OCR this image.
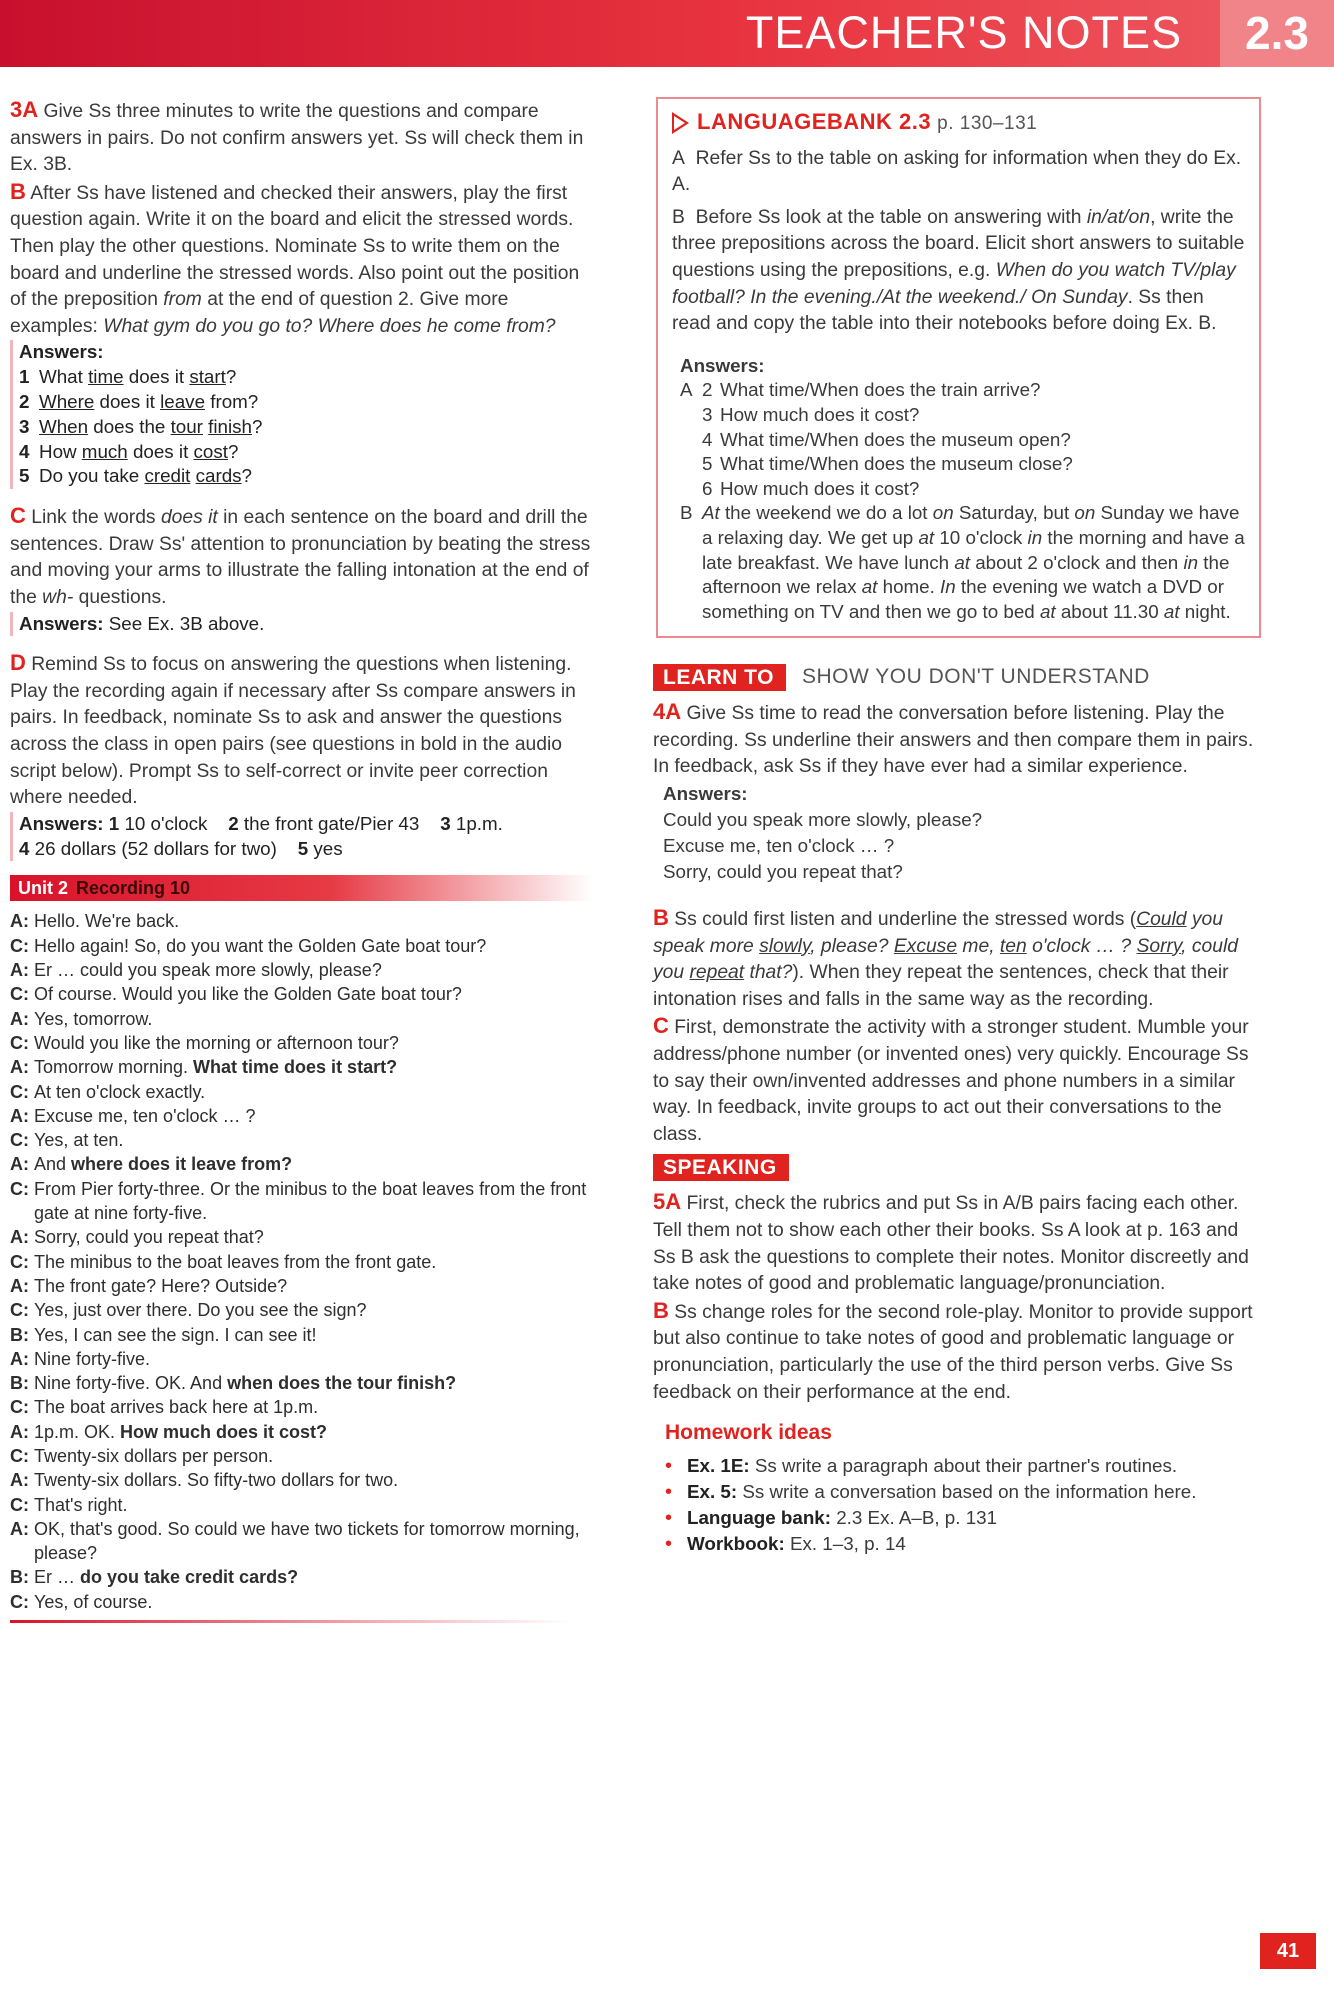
TEACHER'S NOTES	2.3

3A Give Ss three minutes to write the questions and compare answers in pairs. Do not confirm answers yet. Ss will check them in Ex. 3B.

B After Ss have listened and checked their answers, play the first question again. Write it on the board and elicit the stressed words. Then play the other questions. Nominate Ss to write them on the board and underline the stressed words. Also point out the position of the preposition from at the end of question 2. Give more examples: What gym do you go to? Where does he come from?

Answers:
1 What time does it start?
2 Where does it leave from?
3 When does the tour finish?
4 How much does it cost?
5 Do you take credit cards?

C Link the words does it in each sentence on the board and drill the sentences. Draw Ss' attention to pronunciation by beating the stress and moving your arms to illustrate the falling intonation at the end of the wh- questions.

Answers: See Ex. 3B above.

D Remind Ss to focus on answering the questions when listening. Play the recording again if necessary after Ss compare answers in pairs. In feedback, nominate Ss to ask and answer the questions across the class in open pairs (see questions in bold in the audio script below). Prompt Ss to self-correct or invite peer correction where needed.

Answers: 1 10 o'clock 2 the front gate/Pier 43 3 1p.m.
4 26 dollars (52 dollars for two) 5 yes
Unit 2 Recording 10
A: Hello. We're back.
C: Hello again! So, do you want the Golden Gate boat tour?
A: Er … could you speak more slowly, please?
C: Of course. Would you like the Golden Gate boat tour?
A: Yes, tomorrow.
C: Would you like the morning or afternoon tour?
A: Tomorrow morning. What time does it start?
C: At ten o'clock exactly.
A: Excuse me, ten o'clock … ?
C: Yes, at ten.
A: And where does it leave from?
C: From Pier forty-three. Or the minibus to the boat leaves from the front gate at nine forty-five.
A: Sorry, could you repeat that?
C: The minibus to the boat leaves from the front gate.
A: The front gate? Here? Outside?
C: Yes, just over there. Do you see the sign?
B: Yes, I can see the sign. I can see it!
A: Nine forty-five.
B: Nine forty-five. OK. And when does the tour finish?
C: The boat arrives back here at 1p.m.
A: 1p.m. OK. How much does it cost?
C: Twenty-six dollars per person.
A: Twenty-six dollars. So fifty-two dollars for two.
C: That's right.
A: OK, that's good. So could we have two tickets for tomorrow morning, please?
B: Er … do you take credit cards?
C: Yes, of course.
LANGUAGEBANK 2.3 p. 130–131

A Refer Ss to the table on asking for information when they do Ex. A.

B Before Ss look at the table on answering with in/at/on, write the three prepositions across the board. Elicit short answers to suitable questions using the prepositions, e.g. When do you watch TV/play football? In the evening./At the weekend./ On Sunday. Ss then read and copy the table into their notebooks before doing Ex. B.

Answers:
A 2 What time/When does the train arrive?
3 How much does it cost?
4 What time/When does the museum open?
5 What time/When does the museum close?
6 How much does it cost?
B At the weekend we do a lot on Saturday, but on Sunday we have a relaxing day. We get up at 10 o'clock in the morning and have a late breakfast. We have lunch at about 2 o'clock and then in the afternoon we relax at home. In the evening we watch a DVD or something on TV and then we go to bed at about 11.30 at night.
LEARN TO	SHOW YOU DON'T UNDERSTAND

4A Give Ss time to read the conversation before listening. Play the recording. Ss underline their answers and then compare them in pairs. In feedback, ask Ss if they have ever had a similar experience.

Answers:
Could you speak more slowly, please?
Excuse me, ten o'clock … ?
Sorry, could you repeat that?

B Ss could first listen and underline the stressed words (Could you speak more slowly, please? Excuse me, ten o'clock … ? Sorry, could you repeat that?). When they repeat the sentences, check that their intonation rises and falls in the same way as the recording.

C First, demonstrate the activity with a stronger student. Mumble your address/phone number (or invented ones) very quickly. Encourage Ss to say their own/invented addresses and phone numbers in a similar way. In feedback, invite groups to act out their conversations to the class.

SPEAKING

5A First, check the rubrics and put Ss in A/B pairs facing each other. Tell them not to show each other their books. Ss A look at p. 163 and Ss B ask the questions to complete their notes. Monitor discreetly and take notes of good and problematic language/pronunciation.

B Ss change roles for the second role-play. Monitor to provide support but also continue to take notes of good and problematic language or pronunciation, particularly the use of the third person verbs. Give Ss feedback on their performance at the end.

Homework ideas
• Ex. 1E: Ss write a paragraph about their partner's routines.
• Ex. 5: Ss write a conversation based on the information here.
• Language bank: 2.3 Ex. A–B, p. 131
• Workbook: Ex. 1–3, p. 14
41
